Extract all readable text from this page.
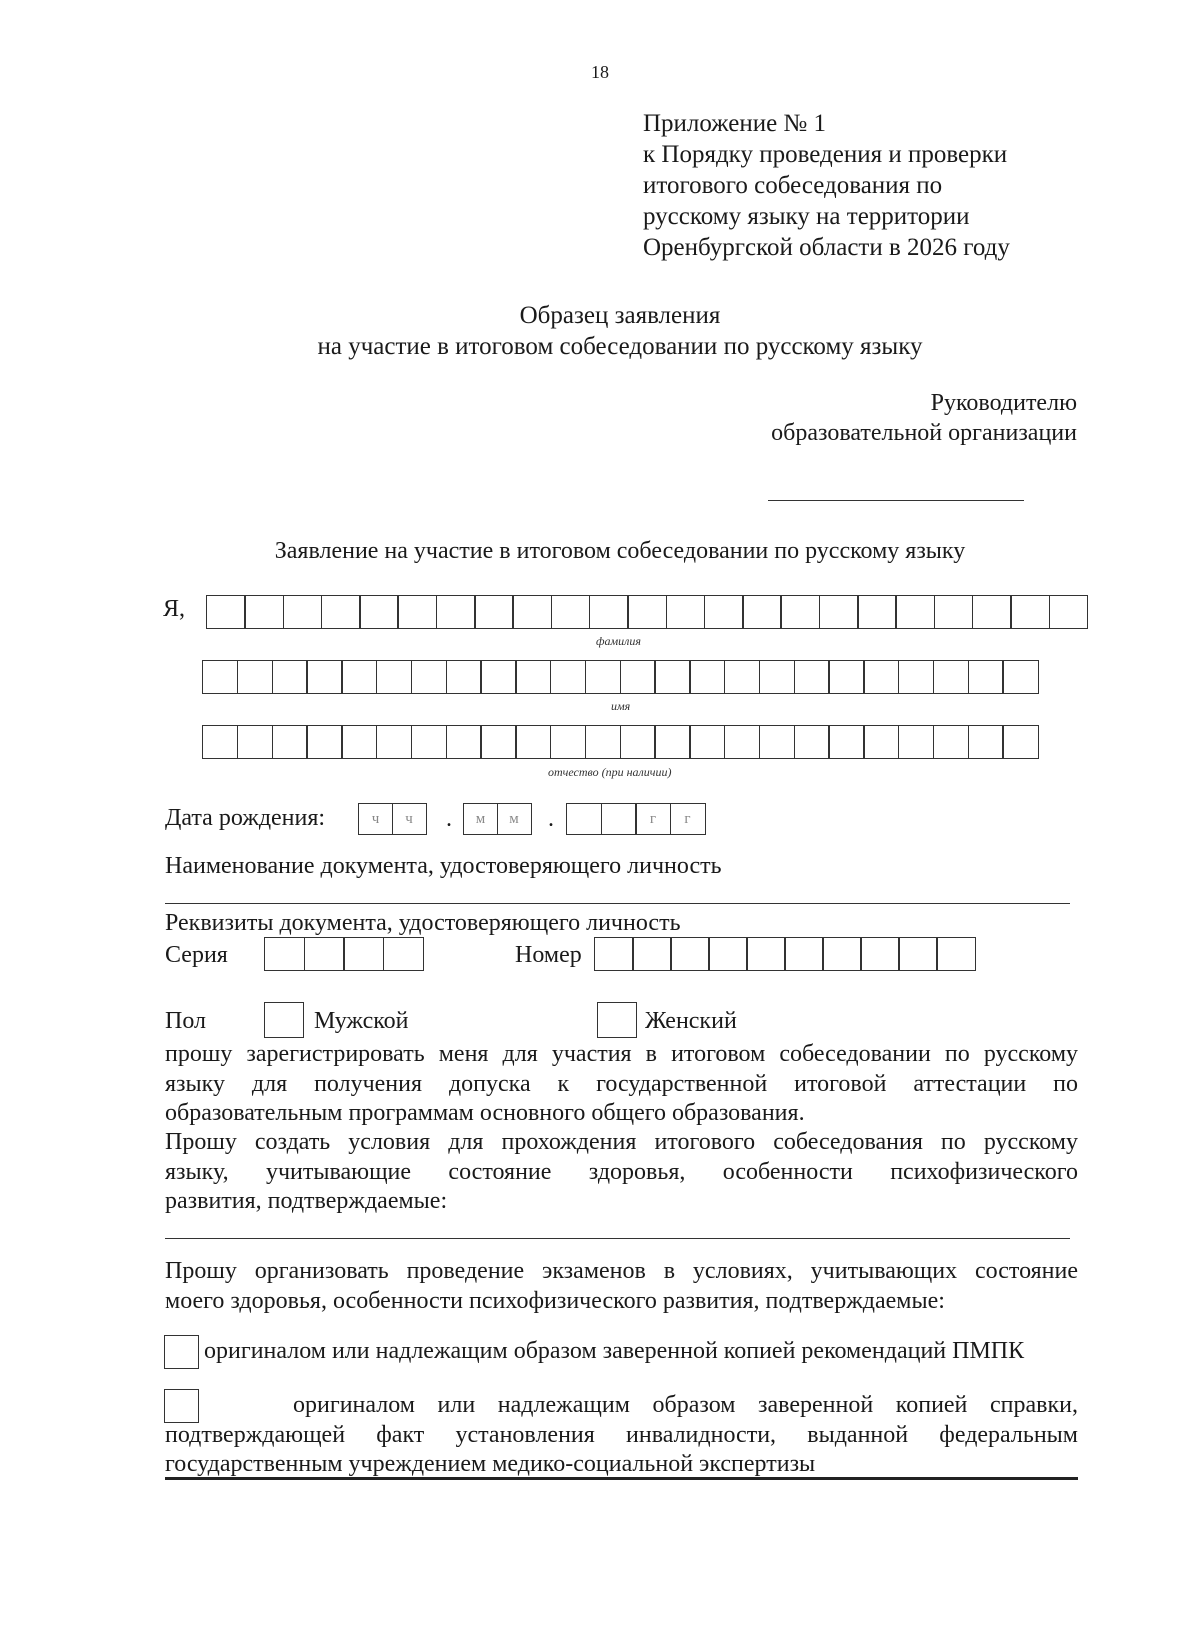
18
Приложение № 1
к Порядку проведения и проверки
итогового собеседования по
русскому языку на территории
Оренбургской области в 2026 году
Образец заявления
на участие в итоговом собеседовании по русскому языку
Руководителю
образовательной организации
Заявление на участие в итоговом собеседовании по русскому языку
Я,
фамилия
имя
отчество (при наличии)
Дата рождения:	ч	ч	.	м	м	.	г	г
Наименование документа, удостоверяющего личность
Реквизиты документа, удостоверяющего личность
Серия	Номер
Пол	Мужской	Женский
прошу зарегистрировать меня для участия в итоговом собеседовании по русскому
языку для получения допуска к государственной итоговой аттестации по
образовательным программам основного общего образования.
Прошу создать условия для прохождения итогового собеседования по русскому
языку, учитывающие состояние здоровья, особенности психофизического
развития, подтверждаемые:
Прошу организовать проведение экзаменов в условиях, учитывающих состояние
моего здоровья, особенности психофизического развития, подтверждаемые:
оригиналом или надлежащим образом заверенной копией рекомендаций ПМПК
оригиналом или надлежащим образом заверенной копией справки,
подтверждающей факт установления инвалидности, выданной федеральным
государственным учреждением медико-социальной экспертизы
